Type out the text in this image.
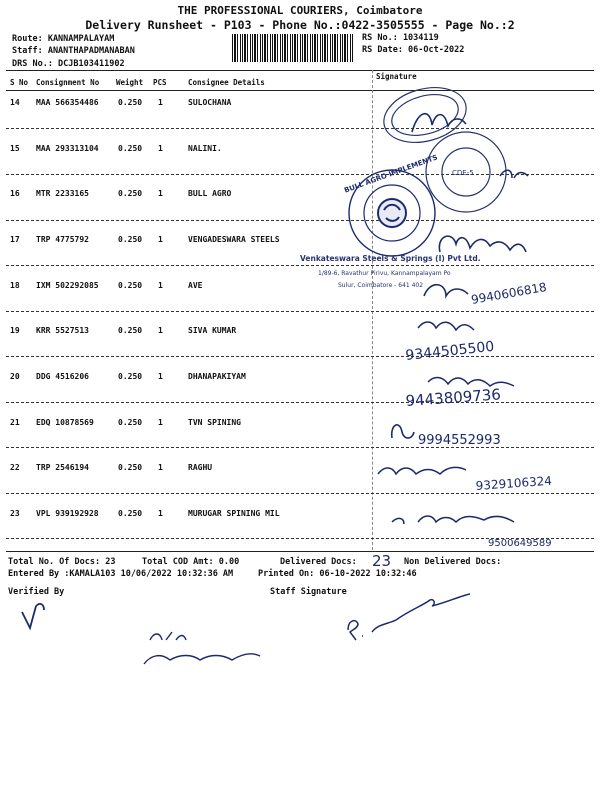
THE PROFESSIONAL COURIERS, Coimbatore
Delivery Runsheet - P103 - Phone No.:0422-3505555 - Page No.:2
Route: KANNAMPALAYAM
Staff: ANANTHAPADMANABAN
DRS No.: DCJB103411902
RS No.: 1034119
RS Date: 06-Oct-2022
S No Consignment No Weight PCS	Consignee Details
Signature
14 MAA 566354486 0.250 1	SULOCHANA
15 MAA 293313104 0.250 1	NALINI.
16 MTR 2233165	0.250 1	BULL AGRO
17 TRP 4775792	0.250 1	VENGADESWARA STEELS
18 IXM 502292085 0.250 1	AVE
19 KRR 5527513	0.250 1	SIVA KUMAR
20 DDG 4516206	0.250 1	DHANAPAKIYAM
21 EDQ 10878569	0.250 1	TVN SPINING
22 TRP 2546194	0.250 1	RAGHU
23 VPL 939192928 0.250 1	MURUGAR SPINING MIL
CDE-5
BULL AGRO IMPLEMENTS
Venkateswara Steels & Springs (I) Pvt Ltd.
1/89-6, Ravathur Pirivu, Kannampalayam Po
Sulur, Coimbatore - 641 402	9940606818
9344505500
9443809736
9994552993
9329106324
9500649589
23
Total No. Of Docs: 23	Total COD Amt: 0.00	Delivered Docs:	Non Delivered Docs:
Entered By :KAMALA103 10/06/2022 10:32:36 AM	Printed On: 06-10-2022 10:32:46
Verified By	Staff Signature
